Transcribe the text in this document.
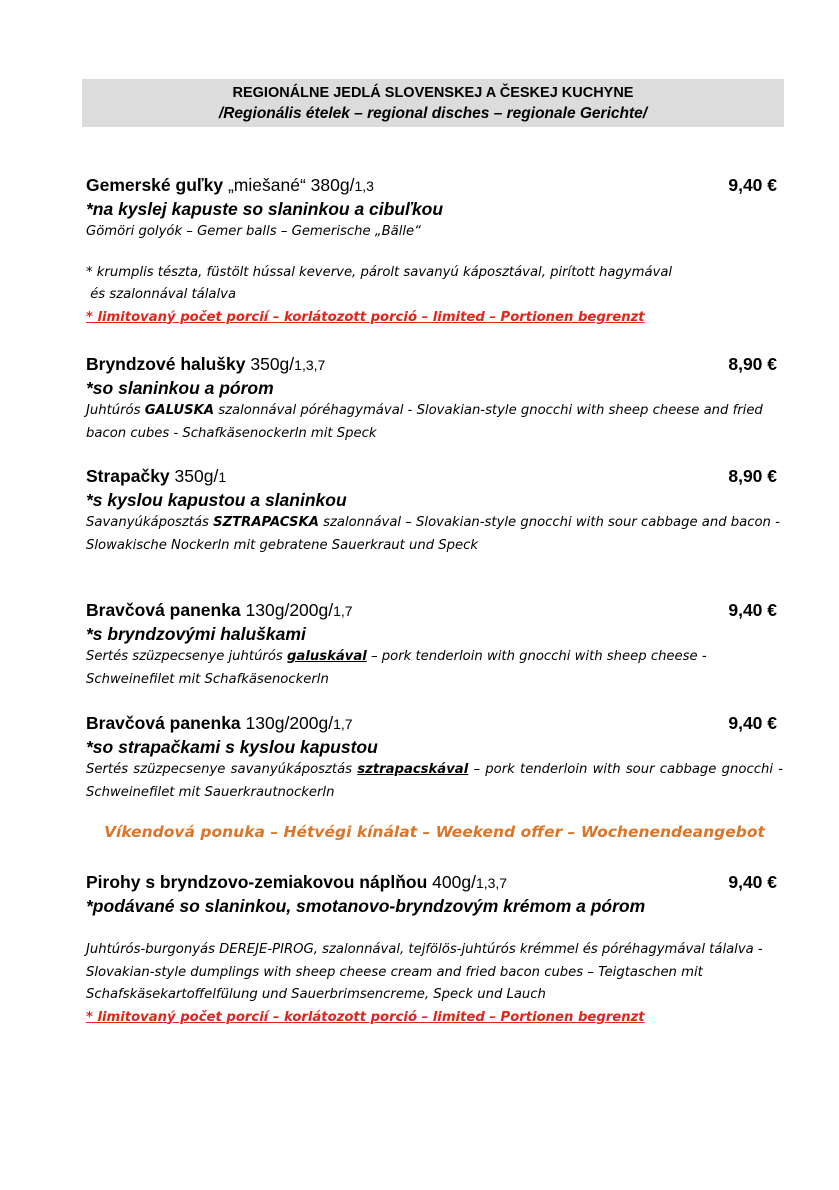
REGIONÁLNE JEDLÁ SLOVENSKEJ A ČESKEJ KUCHYNE
/Regionális ételek – regional disches – regionale Gerichte/
Gemerské guľky „miešané“ 380g/1,3	9,40 €
*na kyslej kapuste so slaninkou a cibuľkou
Gömöri golyók – Gemer balls – Gemerische „Bälle“
* krumplis tészta, füstölt hússal keverve, párolt savanyú káposztával, pirított hagymával
és szalonnával tálalva
* limitovaný počet porcií – korlátozott porció – limited – Portionen begrenzt
Bryndzové halušky 350g/1,3,7	8,90 €
*so slaninkou a pórom
Juhtúrós GALUSKA szalonnával póréhagymával - Slovakian-style gnocchi with sheep cheese and fried bacon cubes - Schafkäsenockerln mit Speck
Strapačky 350g/1	8,90 €
*s kyslou kapustou a slaninkou
Savanyúkáposztás SZTRAPACSKA szalonnával – Slovakian-style gnocchi with sour cabbage and bacon - Slowakische Nockerln mit gebratene Sauerkraut und Speck
Bravčová panenka 130g/200g/1,7	9,40 €
*s bryndzovými haluškami
Sertés szüzpecsenye juhtúrós galuskával – pork tenderloin with gnocchi with sheep cheese - Schweinefilet mit Schafkäsenockerln
Bravčová panenka 130g/200g/1,7	9,40 €
*so strapačkami s kyslou kapustou
Sertés szüzpecsenye savanyúkáposztás sztrapacskával – pork tenderloin with sour cabbage gnocchi - Schweinefilet mit Sauerkrautnockerln
Víkendová ponuka – Hétvégi kínálat – Weekend offer – Wochenendeangebot
Pirohy s bryndzovo-zemiakovou náplňou 400g/1,3,7	9,40 €
*podávané so slaninkou, smotanovo-bryndzovým krémom a pórom
Juhtúrós-burgonyás DEREJE-PIROG, szalonnával, tejfölös-juhtúrós krémmel és póréhagymával tálalva - Slovakian-style dumplings with sheep cheese cream and fried bacon cubes – Teigtaschen mit Schafskäsekartoffelfülung und Sauerbrimsencreme, Speck und Lauch
* limitovaný počet porcií – korlátozott porció – limited – Portionen begrenzt
